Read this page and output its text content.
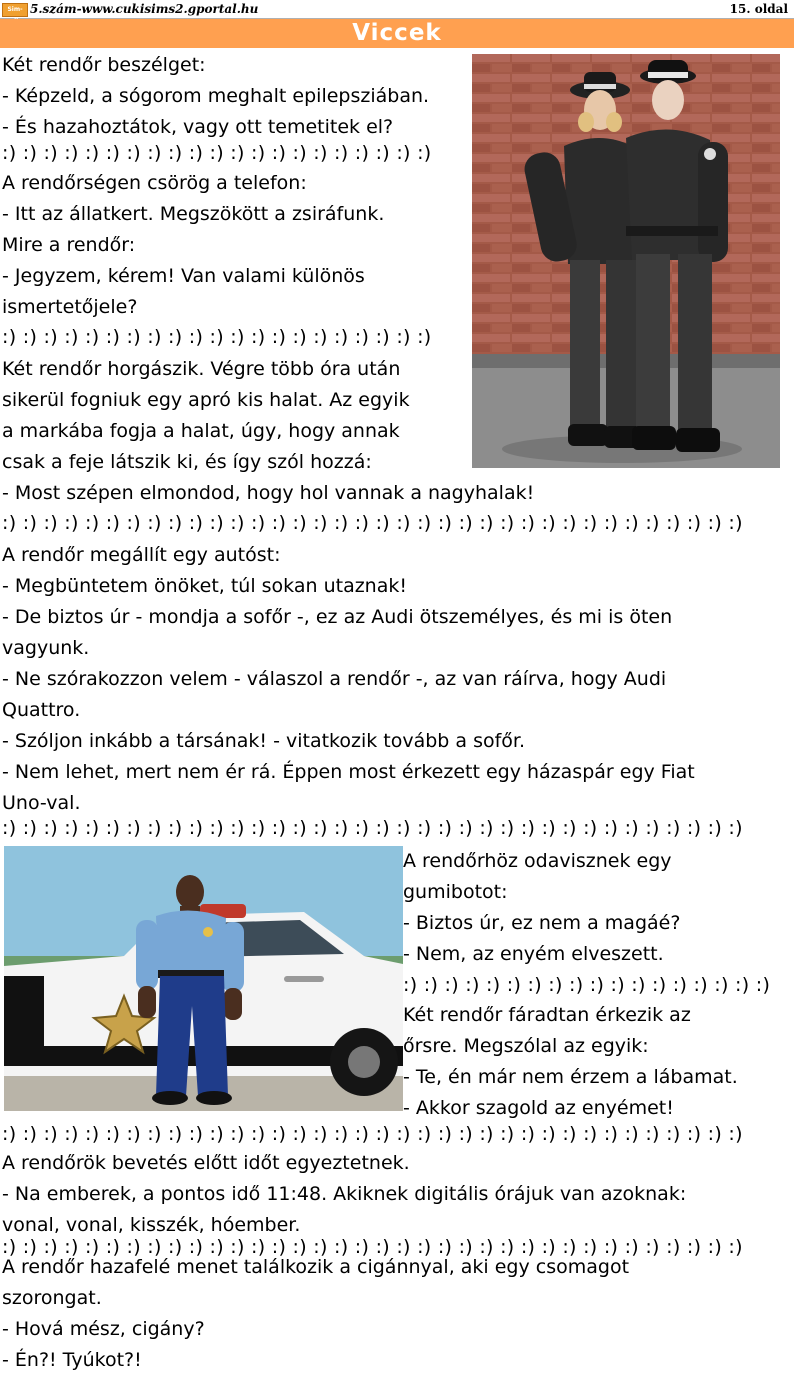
Sim- 5.szám-www.cukisims2.gportal.hu	15. oldal
Viccek
Két rendőr beszélget:
- Képzeld, a sógorom meghalt epilepsziában.
- És hazahoztátok, vagy ott temetitek el?
:) :) :) :) :) :) :) :) :) :) :) :) :) :) :) :) :) :) :) :) :)
A rendőrségen csörög a telefon:
- Itt az állatkert. Megszökött a zsiráfunk.
Mire a rendőr:
- Jegyzem, kérem! Van valami különös
ismertetőjele?
:) :) :) :) :) :) :) :) :) :) :) :) :) :) :) :) :) :) :) :) :)
Két rendőr horgászik. Végre több óra után
sikerül fogniuk egy apró kis halat. Az egyik
a markába fogja a halat, úgy, hogy annak
csak a feje látszik ki, és így szól hozzá:
- Most szépen elmondod, hogy hol vannak a nagyhalak!
:) :) :) :) :) :) :) :) :) :) :) :) :) :) :) :) :) :) :) :) :) :) :) :) :) :) :) :) :) :) :) :) :) :) :) :)
A rendőr megállít egy autóst:
- Megbüntetem önöket, túl sokan utaznak!
- De biztos úr - mondja a sofőr -, ez az Audi ötszemélyes, és mi is öten
vagyunk.
- Ne szórakozzon velem - válaszol a rendőr -, az van ráírva, hogy Audi
Quattro.
- Szóljon inkább a társának! - vitatkozik tovább a sofőr.
- Nem lehet, mert nem ér rá. Éppen most érkezett egy házaspár egy Fiat
Uno-val.
:) :) :) :) :) :) :) :) :) :) :) :) :) :) :) :) :) :) :) :) :) :) :) :) :) :) :) :) :) :) :) :) :) :) :) :)
A rendőrhöz odavisznek egy
gumibotot:
- Biztos úr, ez nem a magáé?
- Nem, az enyém elveszett.
:) :) :) :) :) :) :) :) :) :) :) :) :) :) :) :) :) :)
Két rendőr fáradtan érkezik az
őrsre. Megszólal az egyik:
- Te, én már nem érzem a lábamat.
- Akkor szagold az enyémet!
:) :) :) :) :) :) :) :) :) :) :) :) :) :) :) :) :) :) :) :) :) :) :) :) :) :) :) :) :) :) :) :) :) :) :) :)
A rendőrök bevetés előtt időt egyeztetnek.
- Na emberek, a pontos idő 11:48. Akiknek digitális órájuk van azoknak:
vonal, vonal, kisszék, hóember.
:) :) :) :) :) :) :) :) :) :) :) :) :) :) :) :) :) :) :) :) :) :) :) :) :) :) :) :) :) :) :) :) :) :) :) :)
A rendőr hazafelé menet találkozik a cigánnyal, aki egy csomagot
szorongat.
- Hová mész, cigány?
- Én?! Tyúkot?!
